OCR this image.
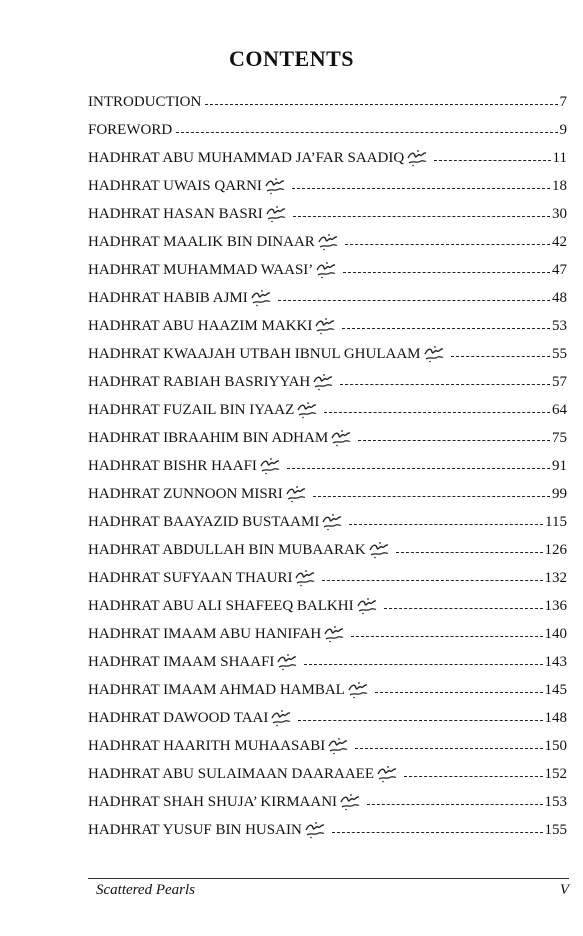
CONTENTS
INTRODUCTION	7
FOREWORD	9
HADHRAT ABU MUHAMMAD JA’FAR SAADIQ	11
HADHRAT UWAIS QARNI	18
HADHRAT HASAN BASRI	30
HADHRAT MAALIK BIN DINAAR	42
HADHRAT MUHAMMAD WAASI’	47
HADHRAT HABIB AJMI	48
HADHRAT ABU HAAZIM MAKKI	53
HADHRAT KWAAJAH UTBAH IBNUL GHULAAM	55
HADHRAT RABIAH BASRIYYAH	57
HADHRAT FUZAIL BIN IYAAZ	64
HADHRAT IBRAAHIM BIN ADHAM	75
HADHRAT BISHR HAAFI	91
HADHRAT ZUNNOON MISRI	99
HADHRAT BAAYAZID BUSTAAMI	115
HADHRAT ABDULLAH BIN MUBAARAK	126
HADHRAT SUFYAAN THAURI	132
HADHRAT ABU ALI SHAFEEQ BALKHI	136
HADHRAT IMAAM ABU HANIFAH	140
HADHRAT IMAAM SHAAFI	143
HADHRAT IMAAM AHMAD HAMBAL	145
HADHRAT DAWOOD TAAI	148
HADHRAT HAARITH MUHAASABI	150
HADHRAT ABU SULAIMAAN DAARAAEE	152
HADHRAT SHAH SHUJA’ KIRMAANI	153
HADHRAT YUSUF BIN HUSAIN	155
Scattered Pearls	V
